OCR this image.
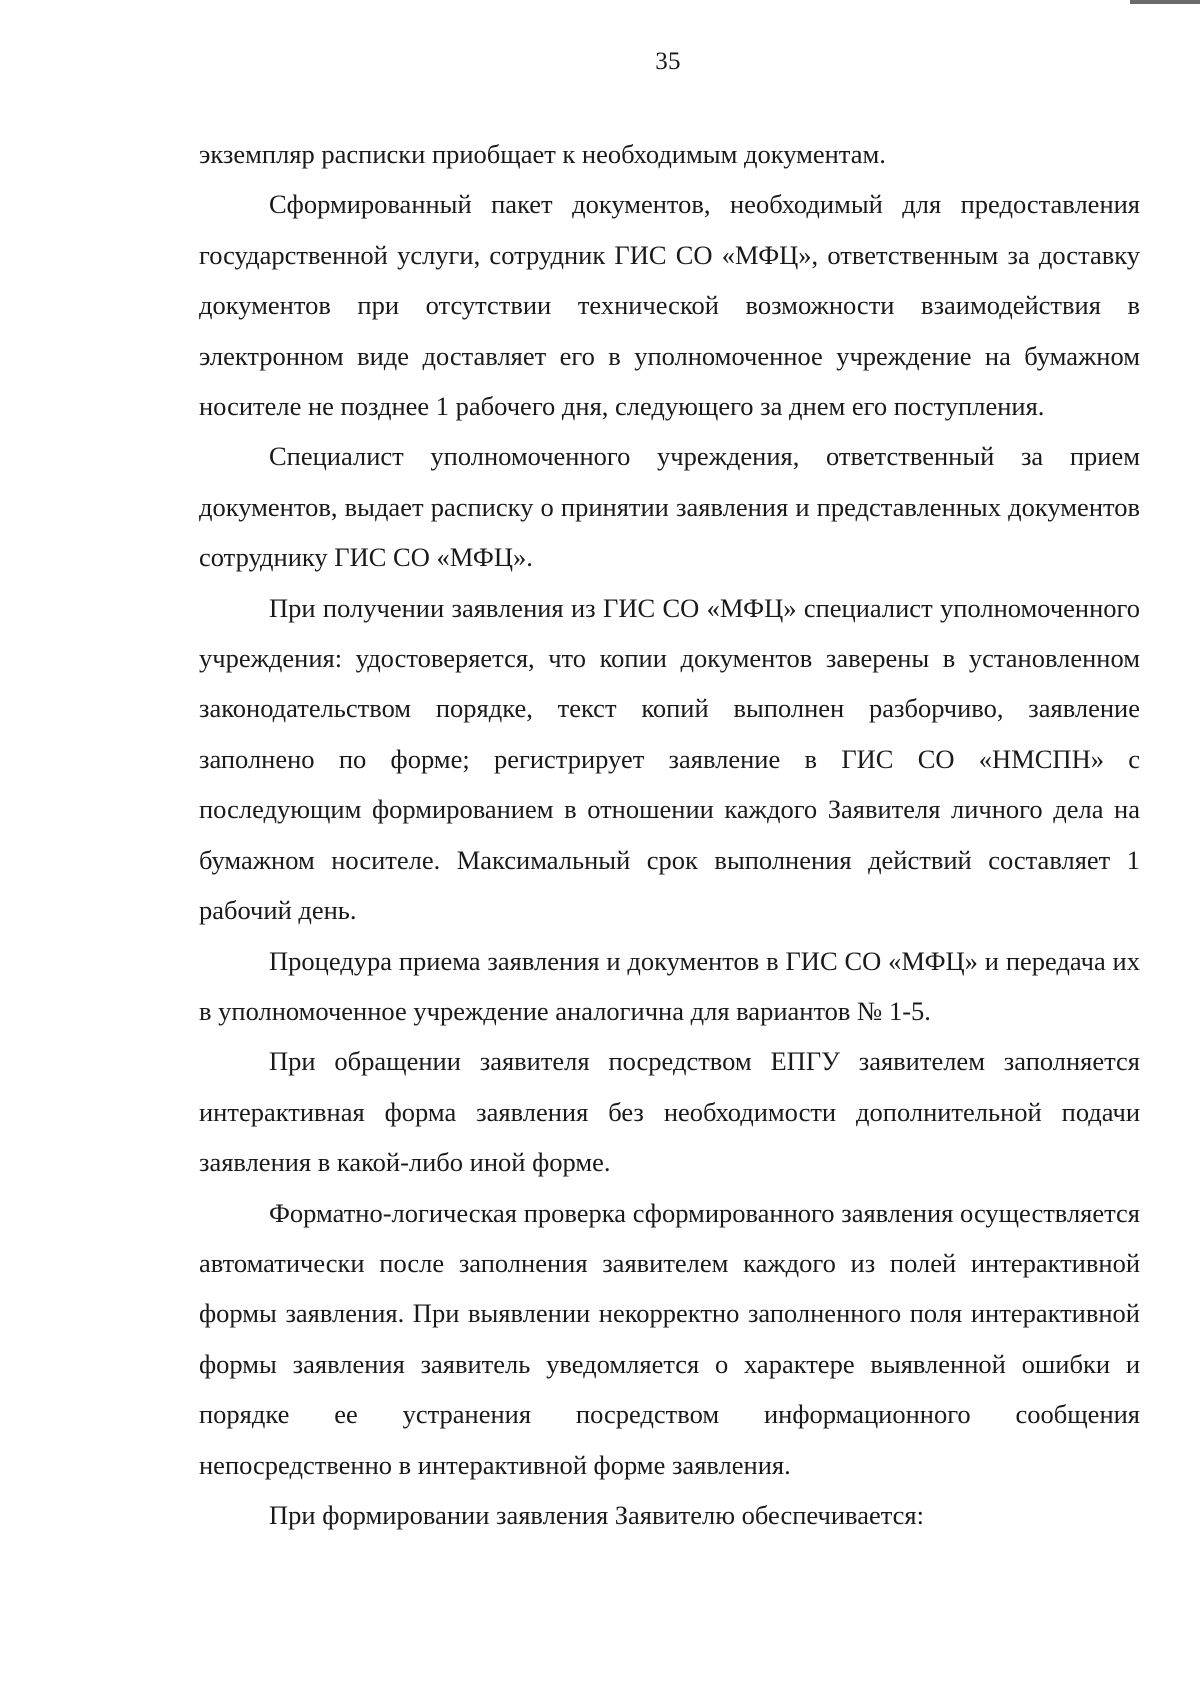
35

экземпляр расписки приобщает к необходимым документам.

Сформированный пакет документов, необходимый для предоставления государственной услуги, сотрудник ГИС СО «МФЦ», ответственным за доставку документов при отсутствии технической возможности взаимодействия в электронном виде доставляет его в уполномоченное учреждение на бумажном носителе не позднее 1 рабочего дня, следующего за днем его поступления.

Специалист уполномоченного учреждения, ответственный за прием документов, выдает расписку о принятии заявления и представленных документов сотруднику ГИС СО «МФЦ».

При получении заявления из ГИС СО «МФЦ» специалист уполномоченного учреждения: удостоверяется, что копии документов заверены в установленном законодательством порядке, текст копий выполнен разборчиво, заявление заполнено по форме; регистрирует заявление в ГИС СО «НМСПН» с последующим формированием в отношении каждого Заявителя личного дела на бумажном носителе. Максимальный срок выполнения действий составляет 1 рабочий день.

Процедура приема заявления и документов в ГИС СО «МФЦ» и передача их в уполномоченное учреждение аналогична для вариантов № 1-5.

При обращении заявителя посредством ЕПГУ заявителем заполняется интерактивная форма заявления без необходимости дополнительной подачи заявления в какой-либо иной форме.

Форматно-логическая проверка сформированного заявления осуществляется автоматически после заполнения заявителем каждого из полей интерактивной формы заявления. При выявлении некорректно заполненного поля интерактивной формы заявления заявитель уведомляется о характере выявленной ошибки и порядке ее устранения посредством информационного сообщения непосредственно в интерактивной форме заявления.

При формировании заявления Заявителю обеспечивается:
